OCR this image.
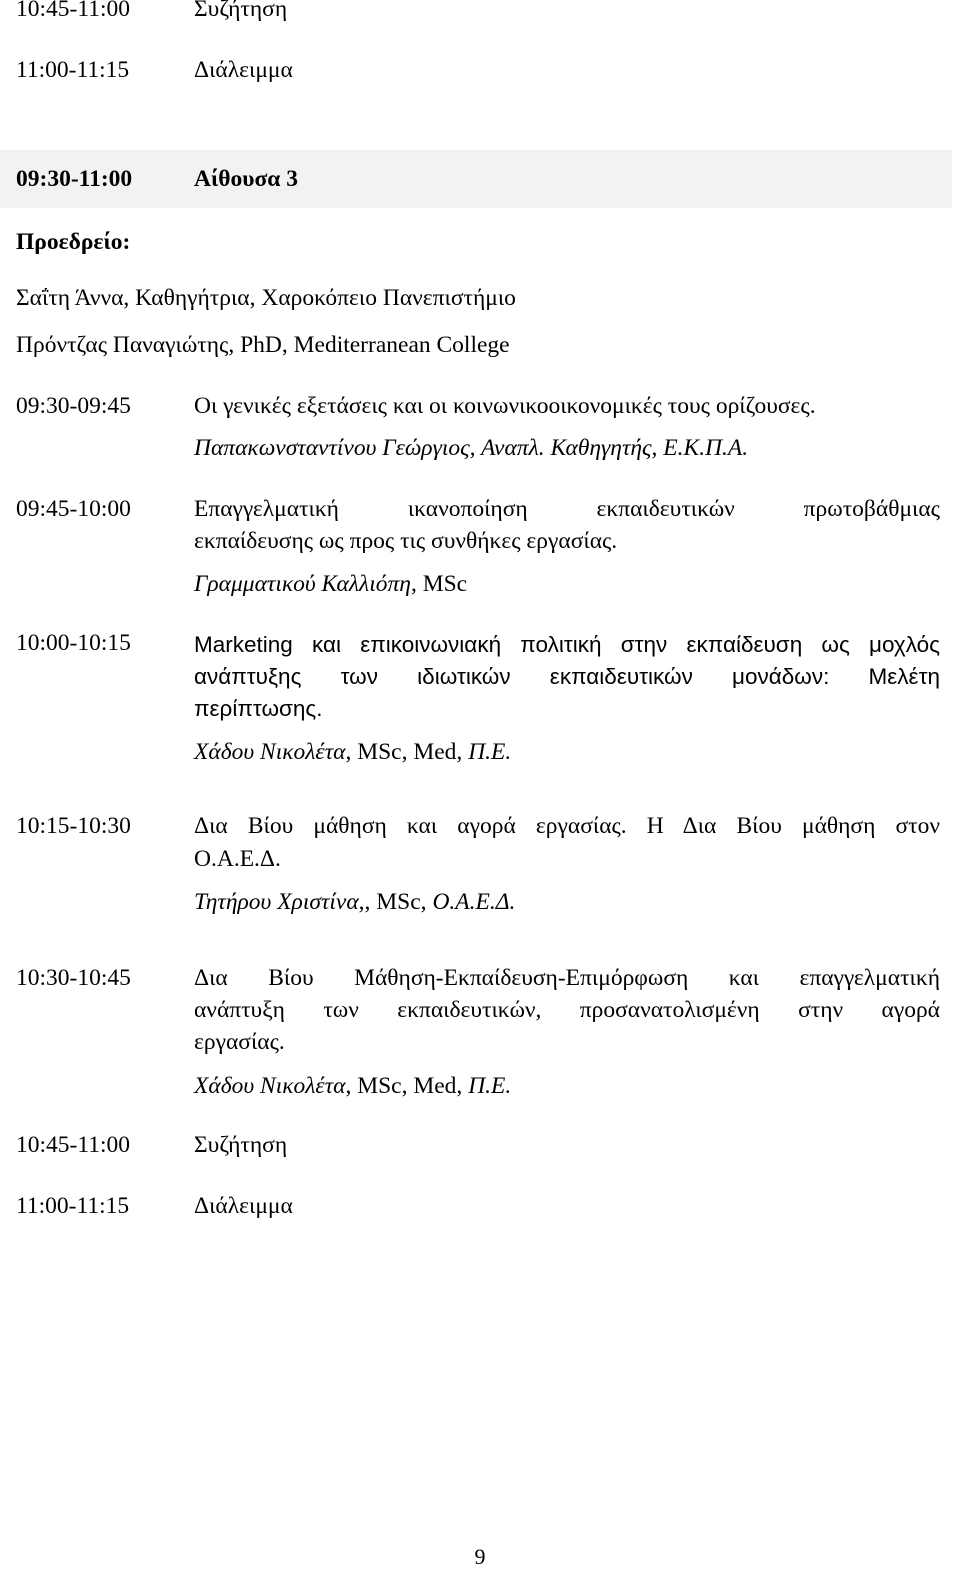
10:45-11:00	Συζήτηση
11:00-11:15	Διάλειμμα
09:30-11:00	Αίθουσα 3
Προεδρείο:
Σαΐτη Άννα, Καθηγήτρια, Χαροκόπειο Πανεπιστήμιο
Πρόντζας Παναγιώτης, PhD, Mediterranean College
09:30-09:45	Οι γενικές εξετάσεις και οι κοινωνικοοικονομικές τους ορίζουσες.
Παπακωνσταντίνου Γεώργιος, Αναπλ. Καθηγητής, Ε.Κ.Π.Α.
09:45-10:00	Επαγγελματική ικανοποίηση εκπαιδευτικών πρωτοβάθμιας
εκπαίδευσης ως προς τις συνθήκες εργασίας.
Γραμματικού Καλλιόπη, MSc
10:00-10:15	Marketing και επικοινωνιακή πολιτική στην εκπαίδευση ως μοχλός
ανάπτυξης των ιδιωτικών εκπαιδευτικών μονάδων: Μελέτη
περίπτωσης.
Χάδου Νικολέτα, MSc, Med, Π.Ε.
10:15-10:30	Δια Βίου μάθηση και αγορά εργασίας. Η Δια Βίου μάθηση στον
Ο.Α.Ε.Δ.
Τητήρου Χριστίνα,, MSc, Ο.Α.Ε.Δ.
10:30-10:45	Δια Βίου Μάθηση-Εκπαίδευση-Επιμόρφωση και επαγγελματική
ανάπτυξη των εκπαιδευτικών, προσανατολισμένη στην αγορά
εργασίας.
Χάδου Νικολέτα, MSc, Med, Π.Ε.
10:45-11:00	Συζήτηση
11:00-11:15	Διάλειμμα
9
